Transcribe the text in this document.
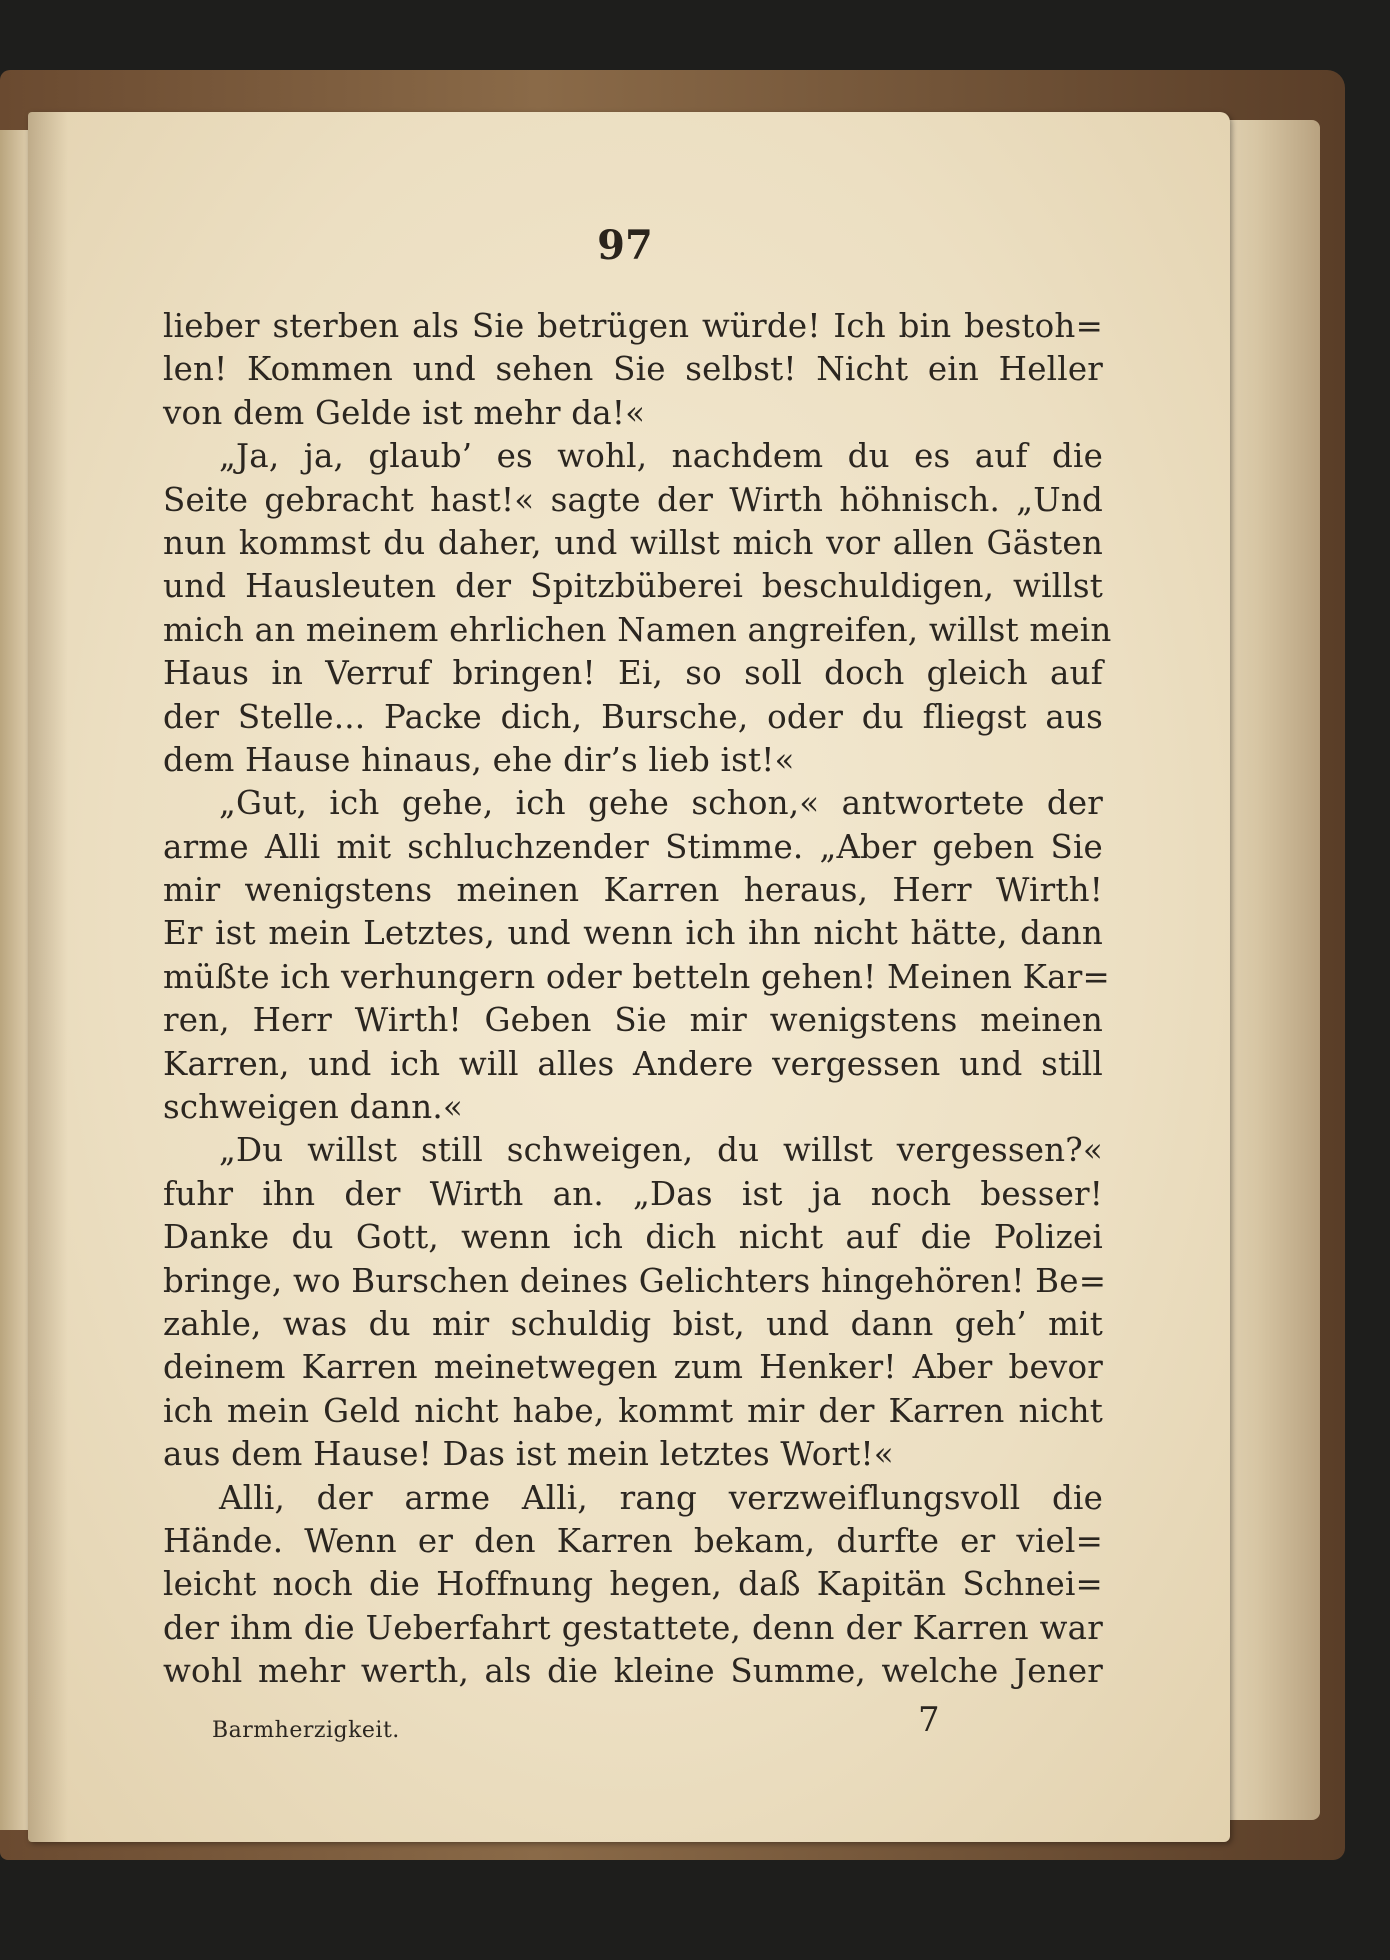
97
lieber sterben als Sie betrügen würde! Ich bin bestoh=
len! Kommen und sehen Sie selbst! Nicht ein Heller
von dem Gelde ist mehr da!«
„Ja, ja, glaub’ es wohl, nachdem du es auf die
Seite gebracht hast!« sagte der Wirth höhnisch. „Und
nun kommst du daher, und willst mich vor allen Gästen
und Hausleuten der Spitzbüberei beschuldigen, willst
mich an meinem ehrlichen Namen angreifen, willst mein
Haus in Verruf bringen! Ei, so soll doch gleich auf
der Stelle... Packe dich, Bursche, oder du fliegst aus
dem Hause hinaus, ehe dir’s lieb ist!«
„Gut, ich gehe, ich gehe schon,« antwortete der
arme Alli mit schluchzender Stimme. „Aber geben Sie
mir wenigstens meinen Karren heraus, Herr Wirth!
Er ist mein Letztes, und wenn ich ihn nicht hätte, dann
müßte ich verhungern oder betteln gehen! Meinen Kar=
ren, Herr Wirth! Geben Sie mir wenigstens meinen
Karren, und ich will alles Andere vergessen und still
schweigen dann.«
„Du willst still schweigen, du willst vergessen?«
fuhr ihn der Wirth an. „Das ist ja noch besser!
Danke du Gott, wenn ich dich nicht auf die Polizei
bringe, wo Burschen deines Gelichters hingehören! Be=
zahle, was du mir schuldig bist, und dann geh’ mit
deinem Karren meinetwegen zum Henker! Aber bevor
ich mein Geld nicht habe, kommt mir der Karren nicht
aus dem Hause! Das ist mein letztes Wort!«
Alli, der arme Alli, rang verzweiflungsvoll die
Hände. Wenn er den Karren bekam, durfte er viel=
leicht noch die Hoffnung hegen, daß Kapitän Schnei=
der ihm die Ueberfahrt gestattete, denn der Karren war
wohl mehr werth, als die kleine Summe, welche Jener
Barmherzigkeit.	7
